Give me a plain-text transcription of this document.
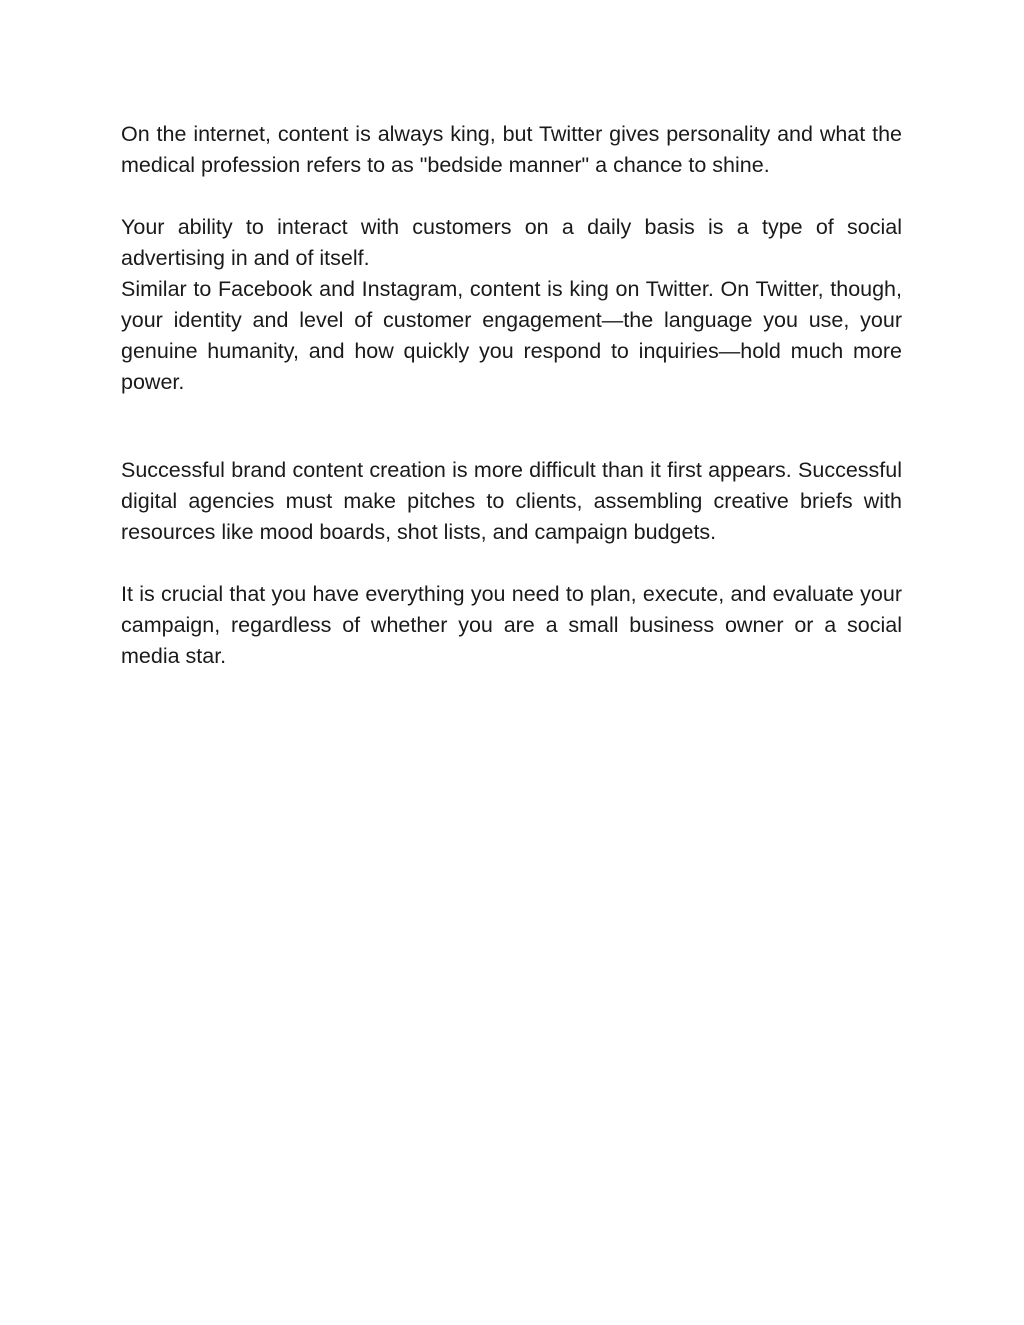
On the internet, content is always king, but Twitter gives personality and what the medical profession refers to as "bedside manner" a chance to shine.

Your ability to interact with customers on a daily basis is a type of social advertising in and of itself.

Similar to Facebook and Instagram, content is king on Twitter. On Twitter, though, your identity and level of customer engagement—the language you use, your genuine humanity, and how quickly you respond to inquiries—hold much more power.

Successful brand content creation is more difficult than it first appears. Successful digital agencies must make pitches to clients, assembling creative briefs with resources like mood boards, shot lists, and campaign budgets.

It is crucial that you have everything you need to plan, execute, and evaluate your campaign, regardless of whether you are a small business owner or a social media star.
